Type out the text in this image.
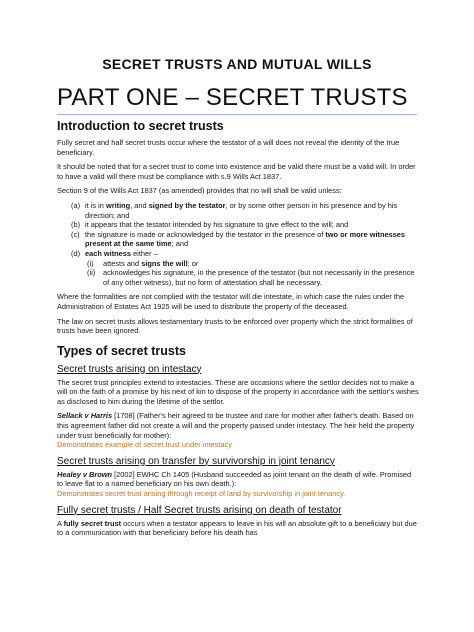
SECRET TRUSTS AND MUTUAL WILLS
PART ONE – SECRET TRUSTS
Introduction to secret trusts

Fully secret and half secret trusts occur where the testator of a will does not reveal the identity of the true beneficiary.

It should be noted that for a secret trust to come into existence and be valid there must be a valid will. In order to have a valid will there must be compliance with s.9 Wills Act 1837.

Section 9 of the Wills Act 1837 (as amended) provides that no will shall be valid unless:

(a) it is in writing, and signed by the testator, or by some other person in his presence and by his direction; and
(b) it appears that the testator intended by his signature to give effect to the will; and
(c) the signature is made or acknowledged by the testator in the presence of two or more witnesses present at the same time; and
(d) each witness either –
(i)	attests and signs the will; or
(ii)	acknowledges his signature, in the presence of the testator (but not necessarily in the presence of any other witness), but no form of attestation shall be necessary.

Where the formalities are not complied with the testator will die intestate, in which case the rules under the Administration of Estates Act 1925 will be used to distribute the property of the deceased.

The law on secret trusts allows testamentary trusts to be enforced over property which the strict formalities of trusts have been ignored.

Types of secret trusts
Secret trusts arising on intestacy

The secret trust principles extend to intestacies. These are occasions where the settlor decides not to make a will on the faith of a promise by his next of kin to dispose of the property in accordance with the settlor's wishes as disclosed to him during the lifetime of the settlor.

Sellack v Harris [1708] (Father's heir agreed to be trustee and care for mother after father's death. Based on this agreement father did not create a will and the property passed under intestacy. The heir held the property under trust beneficially for mother):
Demonstrates example of secret trust under intestacy

Secret trusts arising on transfer by survivorship in joint tenancy

Healey v Brown [2002] EWHC Ch 1405 (Husband succeeded as joint tenant on the death of wife. Promised to leave flat to a named beneficiary on his own death.):
Demonstrates secret trust arising through receipt of land by survivorship in joint tenancy.

Fully secret trusts / Half Secret trusts arising on death of testator

A fully secret trust occurs when a testator appears to leave in his will an absolute gift to a beneficiary but due to a communication with that beneficiary before his death has
